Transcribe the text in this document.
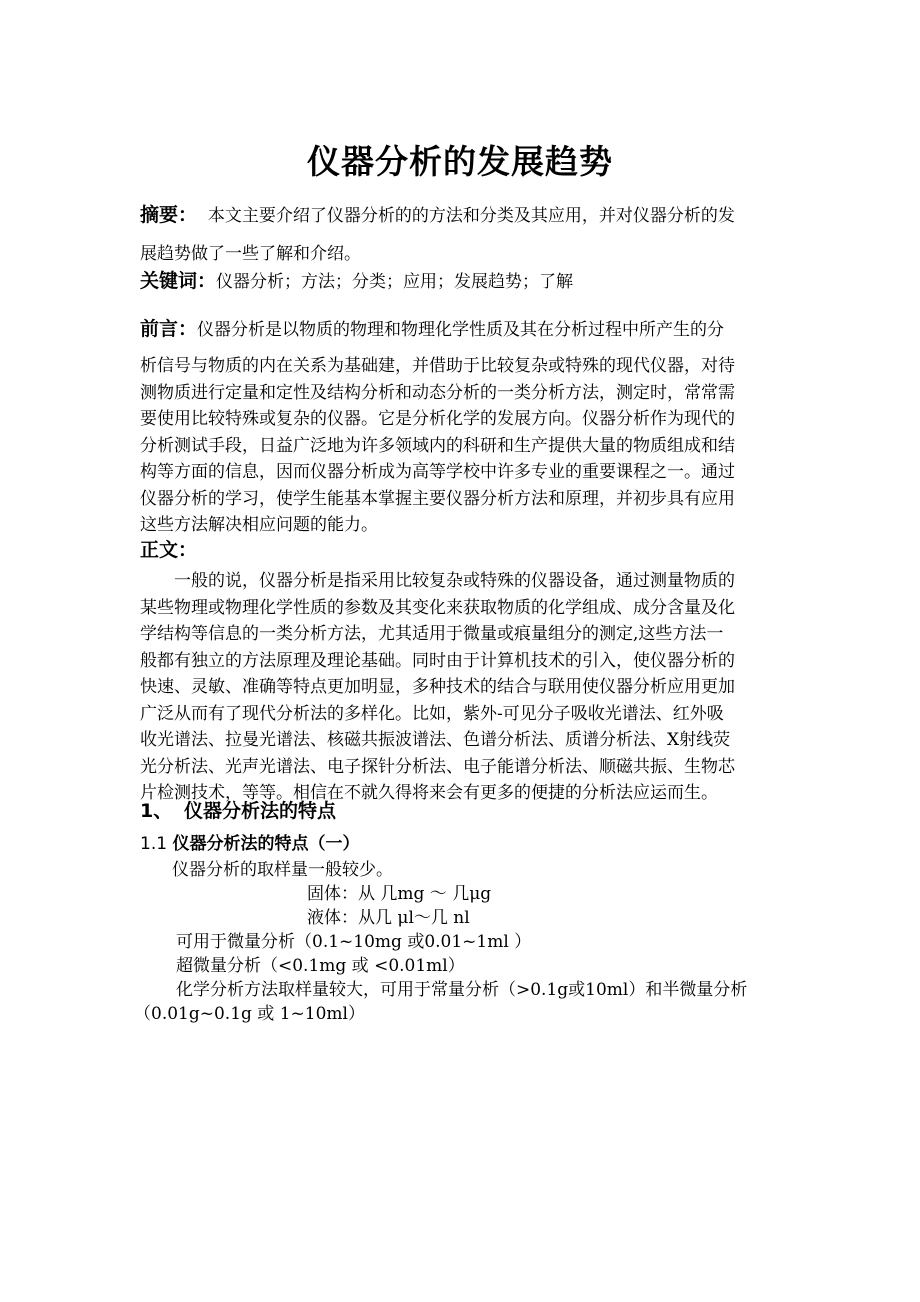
仪器分析的发展趋势
摘要： 本文主要介绍了仪器分析的的方法和分类及其应用，并对仪器分析的发
展趋势做了一些了解和介绍。
关键词：仪器分析；方法；分类；应用；发展趋势；了解
前言：仪器分析是以物质的物理和物理化学性质及其在分析过程中所产生的分
析信号与物质的内在关系为基础建，并借助于比较复杂或特殊的现代仪器，对待
测物质进行定量和定性及结构分析和动态分析的一类分析方法，测定时，常常需
要使用比较特殊或复杂的仪器。它是分析化学的发展方向。仪器分析作为现代的
分析测试手段，日益广泛地为许多领域内的科研和生产提供大量的物质组成和结
构等方面的信息，因而仪器分析成为高等学校中许多专业的重要课程之一。通过
仪器分析的学习，使学生能基本掌握主要仪器分析方法和原理，并初步具有应用
这些方法解决相应问题的能力。
正文：
一般的说，仪器分析是指采用比较复杂或特殊的仪器设备，通过测量物质的
某些物理或物理化学性质的参数及其变化来获取物质的化学组成、成分含量及化
学结构等信息的一类分析方法，尤其适用于微量或痕量组分的测定,这些方法一
般都有独立的方法原理及理论基础。同时由于计算机技术的引入，使仪器分析的
快速、灵敏、准确等特点更加明显，多种技术的结合与联用使仪器分析应用更加
广泛从而有了现代分析法的多样化。比如，紫外-可见分子吸收光谱法、红外吸
收光谱法、拉曼光谱法、核磁共振波谱法、色谱分析法、质谱分析法、X射线荧
光分析法、光声光谱法、电子探针分析法、电子能谱分析法、顺磁共振、生物芯
片检测技术，等等。相信在不就久得将来会有更多的便捷的分析法应运而生。
1、 仪器分析法的特点
1.1 仪器分析法的特点（一）
仪器分析的取样量一般较少。
固体：从 几mg ～ 几μg
液体：从几 μl～几 nl
可用于微量分析（0.1~10mg 或0.01~1ml ）
超微量分析（<0.1mg 或 <0.01ml）
化学分析方法取样量较大，可用于常量分析（>0.1g或10ml）和半微量分析
（0.01g~0.1g 或 1~10ml）
